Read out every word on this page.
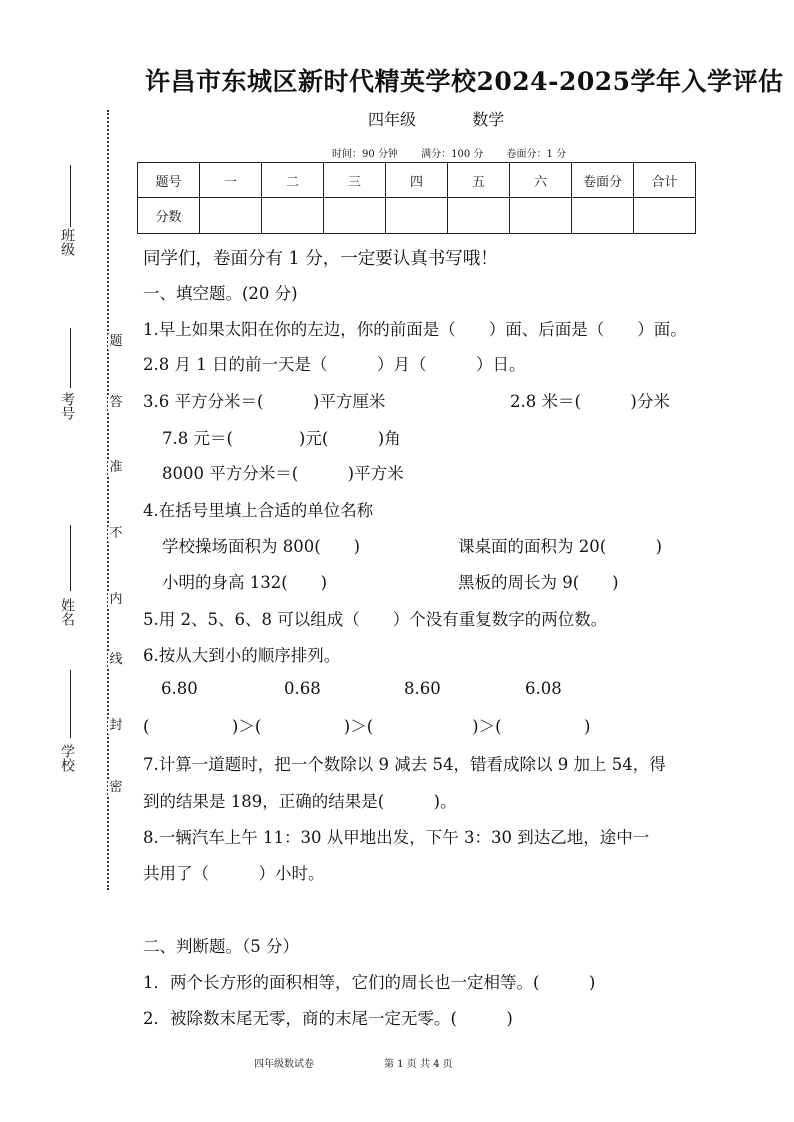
许昌市东城区新时代精英学校2024-2025学年入学评估
四年级	数学
时间：90 分钟 满分：100 分 卷面分：1 分
题号	一	二	三	四	五	六	卷面分	合计
分数								
班级
考号
姓名
学校
题
答
准
不
内
线
封
密
同学们，卷面分有 1 分，一定要认真书写哦！
一、填空题。(20 分)
1.早上如果太阳在你的左边，你的前面是（　　）面、后面是（　　）面。
2.8 月 1 日的前一天是（　　　）月（　　　）日。
3.6 平方分米＝(　　　)平方厘米	2.8 米＝(　　　)分米
7.8 元＝(　　　　)元(　　　)角
8000 平方分米＝(　　　)平方米
4.在括号里填上合适的单位名称
学校操场面积为 800(　　)	课桌面的面积为 20(　　　)
小明的身高 132(　　)	黑板的周长为 9(　　)
5.用 2、5、6、8 可以组成（　　）个没有重复数字的两位数。
6.按从大到小的顺序排列。
6.80	0.68	8.60	6.08
(　　　　　)＞(　　　　　)＞(　　　　　　)＞(　　　　　)
7.计算一道题时，把一个数除以 9 减去 54，错看成除以 9 加上 54，得
到的结果是 189，正确的结果是(　　　)。
8.一辆汽车上午 11：30 从甲地出发，下午 3：30 到达乙地，途中一
共用了（　　　）小时。
二、判断题。（5 分）
1．两个长方形的面积相等，它们的周长也一定相等。(　　　)
2．被除数末尾无零，商的末尾一定无零。(　　　)
四年级数试卷	第 1 页 共 4 页
